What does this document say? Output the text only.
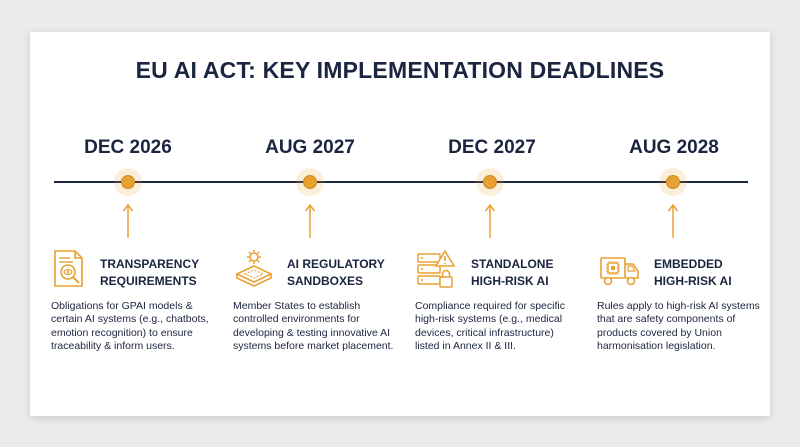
EU AI ACT: KEY IMPLEMENTATION DEADLINES
DEC 2026
TRANSPARENCY
REQUIREMENTS
Obligations for GPAI models &
certain AI systems (e.g., chatbots,
emotion recognition) to ensure
traceability & inform users.
AUG 2027
AI REGULATORY
SANDBOXES
Member States to establish
controlled environments for
developing & testing innovative AI
systems before market placement.
DEC 2027
STANDALONE
HIGH-RISK AI
Compliance required for specific
high-risk systems (e.g., medical
devices, critical infrastructure)
listed in Annex II & III.
AUG 2028
EMBEDDED
HIGH-RISK AI
Rules apply to high-risk AI systems
that are safety components of
products covered by Union
harmonisation legislation.
